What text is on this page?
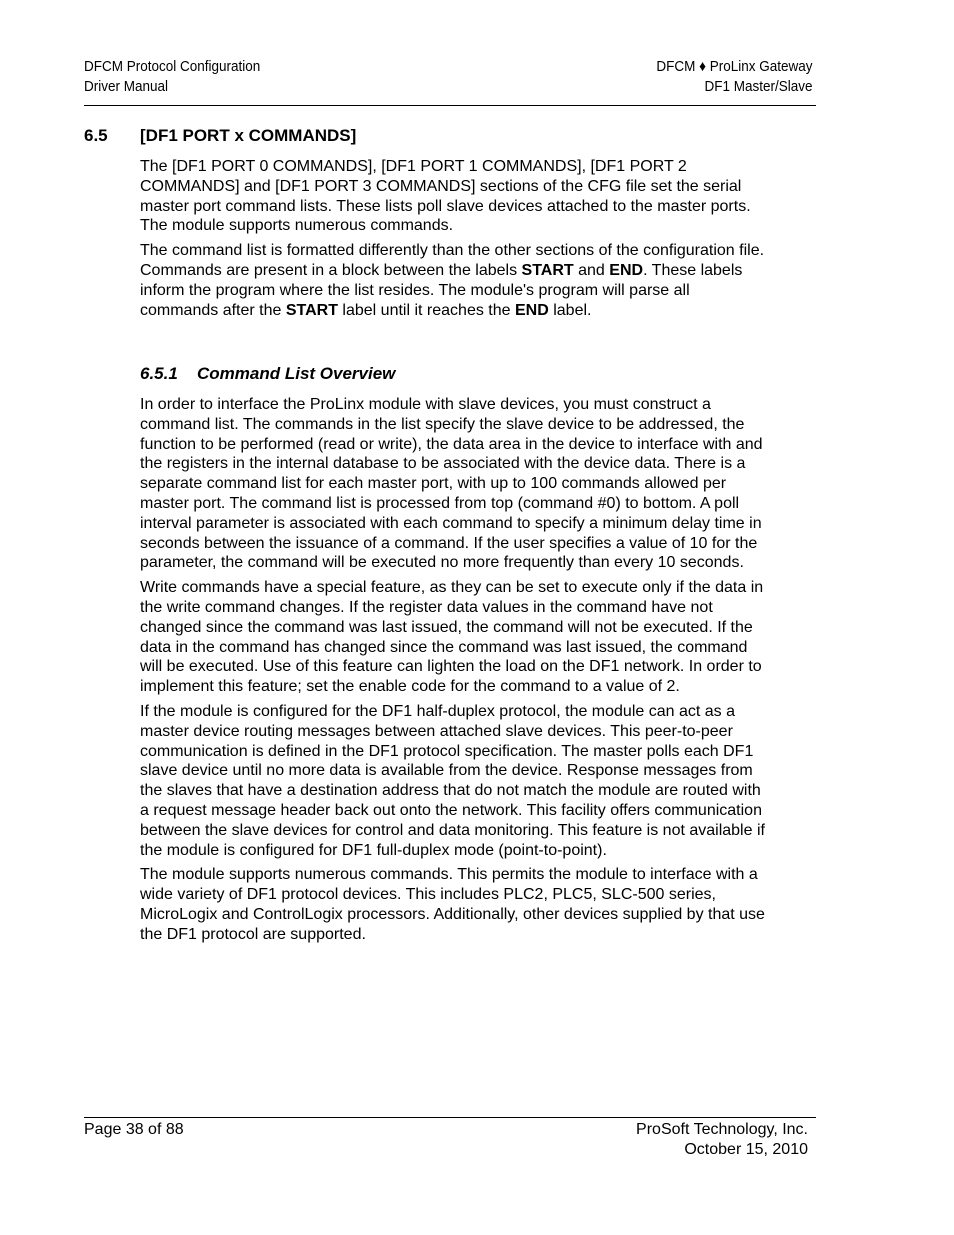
DFCM Protocol Configuration
Driver Manual
DFCM ♦ ProLinx Gateway
DF1 Master/Slave
6.5 [DF1 PORT x COMMANDS]

The [DF1 PORT 0 COMMANDS], [DF1 PORT 1 COMMANDS], [DF1 PORT 2 COMMANDS] and [DF1 PORT 3 COMMANDS] sections of the CFG file set the serial master port command lists. These lists poll slave devices attached to the master ports. The module supports numerous commands.

The command list is formatted differently than the other sections of the configuration file. Commands are present in a block between the labels START and END. These labels inform the program where the list resides. The module's program will parse all commands after the START label until it reaches the END label.

6.5.1 Command List Overview

In order to interface the ProLinx module with slave devices, you must construct a command list. The commands in the list specify the slave device to be addressed, the function to be performed (read or write), the data area in the device to interface with and the registers in the internal database to be associated with the device data. There is a separate command list for each master port, with up to 100 commands allowed per master port. The command list is processed from top (command #0) to bottom. A poll interval parameter is associated with each command to specify a minimum delay time in seconds between the issuance of a command. If the user specifies a value of 10 for the parameter, the command will be executed no more frequently than every 10 seconds.

Write commands have a special feature, as they can be set to execute only if the data in the write command changes. If the register data values in the command have not changed since the command was last issued, the command will not be executed. If the data in the command has changed since the command was last issued, the command will be executed. Use of this feature can lighten the load on the DF1 network. In order to implement this feature; set the enable code for the command to a value of 2.

If the module is configured for the DF1 half-duplex protocol, the module can act as a master device routing messages between attached slave devices. This peer-to-peer communication is defined in the DF1 protocol specification. The master polls each DF1 slave device until no more data is available from the device. Response messages from the slaves that have a destination address that do not match the module are routed with a request message header back out onto the network. This facility offers communication between the slave devices for control and data monitoring. This feature is not available if the module is configured for DF1 full-duplex mode (point-to-point).

The module supports numerous commands. This permits the module to interface with a wide variety of DF1 protocol devices. This includes PLC2, PLC5, SLC-500 series, MicroLogix and ControlLogix processors. Additionally, other devices supplied by that use the DF1 protocol are supported.

Page 38 of 88	ProSoft Technology, Inc.
October 15, 2010
